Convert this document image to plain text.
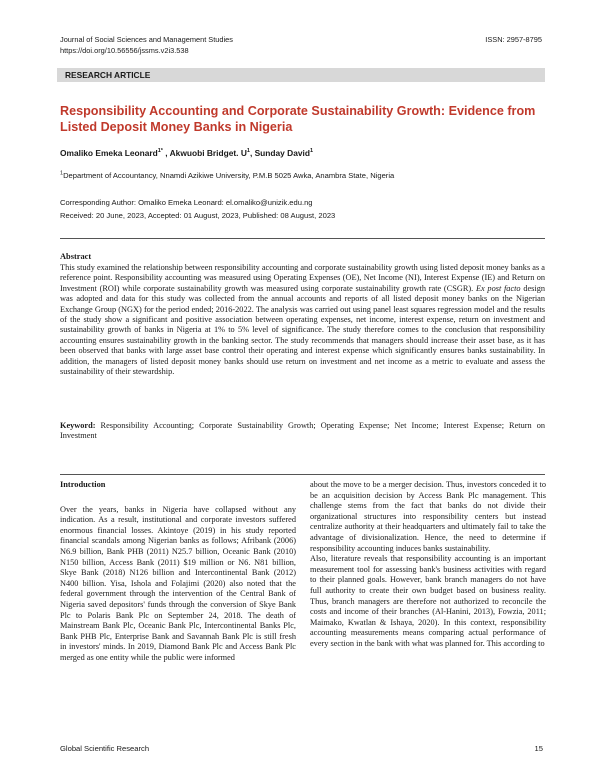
Journal of Social Sciences and Management Studies
https://doi.org/10.56556/jssms.v2i3.538
ISSN: 2957-8795
RESEARCH ARTICLE
Responsibility Accounting and Corporate Sustainability Growth: Evidence from Listed Deposit Money Banks in Nigeria
Omaliko Emeka Leonard$^{1*}$ , Akwuobi Bridget. $U^1$, Sunday David$^1$
$^1$Department of Accountancy, Nnamdi Azikiwe University, P.M.B 5025 Awka, Anambra State, Nigeria
Corresponding Author: Omaliko Emeka Leonard: el.omaliko@unizik.edu.ng
Received: 20 June, 2023, Accepted: 01 August, 2023, Published: 08 August, 2023
Abstract
This study examined the relationship between responsibility accounting and corporate sustainability growth using listed deposit money banks as a reference point. Responsibility accounting was measured using Operating Expenses (OE), Net Income (NI), Interest Expense (IE) and Return on Investment (ROI) while corporate sustainability growth was measured using corporate sustainability growth rate (CSGR). Ex post facto design was adopted and data for this study was collected from the annual accounts and reports of all listed deposit money banks on the Nigerian Exchange Group (NGX) for the period ended; 2016-2022. The analysis was carried out using panel least squares regression model and the results of the study show a significant and positive association between operating expenses, net income, interest expense, return on investment and sustainability growth of banks in Nigeria at 1% to 5% level of significance. The study therefore comes to the conclusion that responsibility accounting ensures sustainability growth in the banking sector. The study recommends that managers should increase their asset base, as it has been observed that banks with large asset base control their operating and interest expense which significantly ensures banks sustainability. In addition, the managers of listed deposit money banks should use return on investment and net income as a metric to evaluate and assess the sustainability of their stewardship.
Keyword: Responsibility Accounting; Corporate Sustainability Growth; Operating Expense; Net Income; Interest Expense; Return on Investment
Introduction

Over the years, banks in Nigeria have collapsed without any indication. As a result, institutional and corporate investors suffered enormous financial losses. Akintoye (2019) in his study reported financial scandals among Nigerian banks as follows; Afribank (2006) N6.9 billion, Bank PHB (2011) N25.7 billion, Oceanic Bank (2010) N150 billion, Access Bank (2011) $19 million or N6. N81 billion, Skye Bank (2018) N126 billion and Intercontinental Bank (2012) N400 billion. Yisa, Ishola and Folajimi (2020) also noted that the federal government through the intervention of the Central Bank of Nigeria saved depositors' funds through the conversion of Skye Bank Plc to Polaris Bank Plc on September 24, 2018. The death of Mainstream Bank Plc, Oceanic Bank Plc, Intercontinental Banks Plc, Bank PHB Plc, Enterprise Bank and Savannah Bank Plc is still fresh in investors' minds. In 2019, Diamond Bank Plc and Access Bank Plc merged as one entity while the public were informed

about the move to be a merger decision. Thus, investors conceded it to be an acquisition decision by Access Bank Plc management. This challenge stems from the fact that banks do not divide their organizational structures into responsibility centers but instead centralize authority at their headquarters and ultimately fail to take the advantage of divisionalization. Hence, the need to determine if responsibility accounting induces banks sustainability.

Also, literature reveals that responsibility accounting is an important measurement tool for assessing bank's business activities with regard to their planned goals. However, bank branch managers do not have full authority to create their own budget based on business reality. Thus, branch managers are therefore not authorized to reconcile the costs and income of their branches (Al-Hanini, 2013), Fowzia, 2011; Maimako, Kwatlan & Ishaya, 2020). In this context, responsibility accounting measurements means comparing actual performance of every section in the bank with what was planned for. This according to

Global Scientific Research	15
